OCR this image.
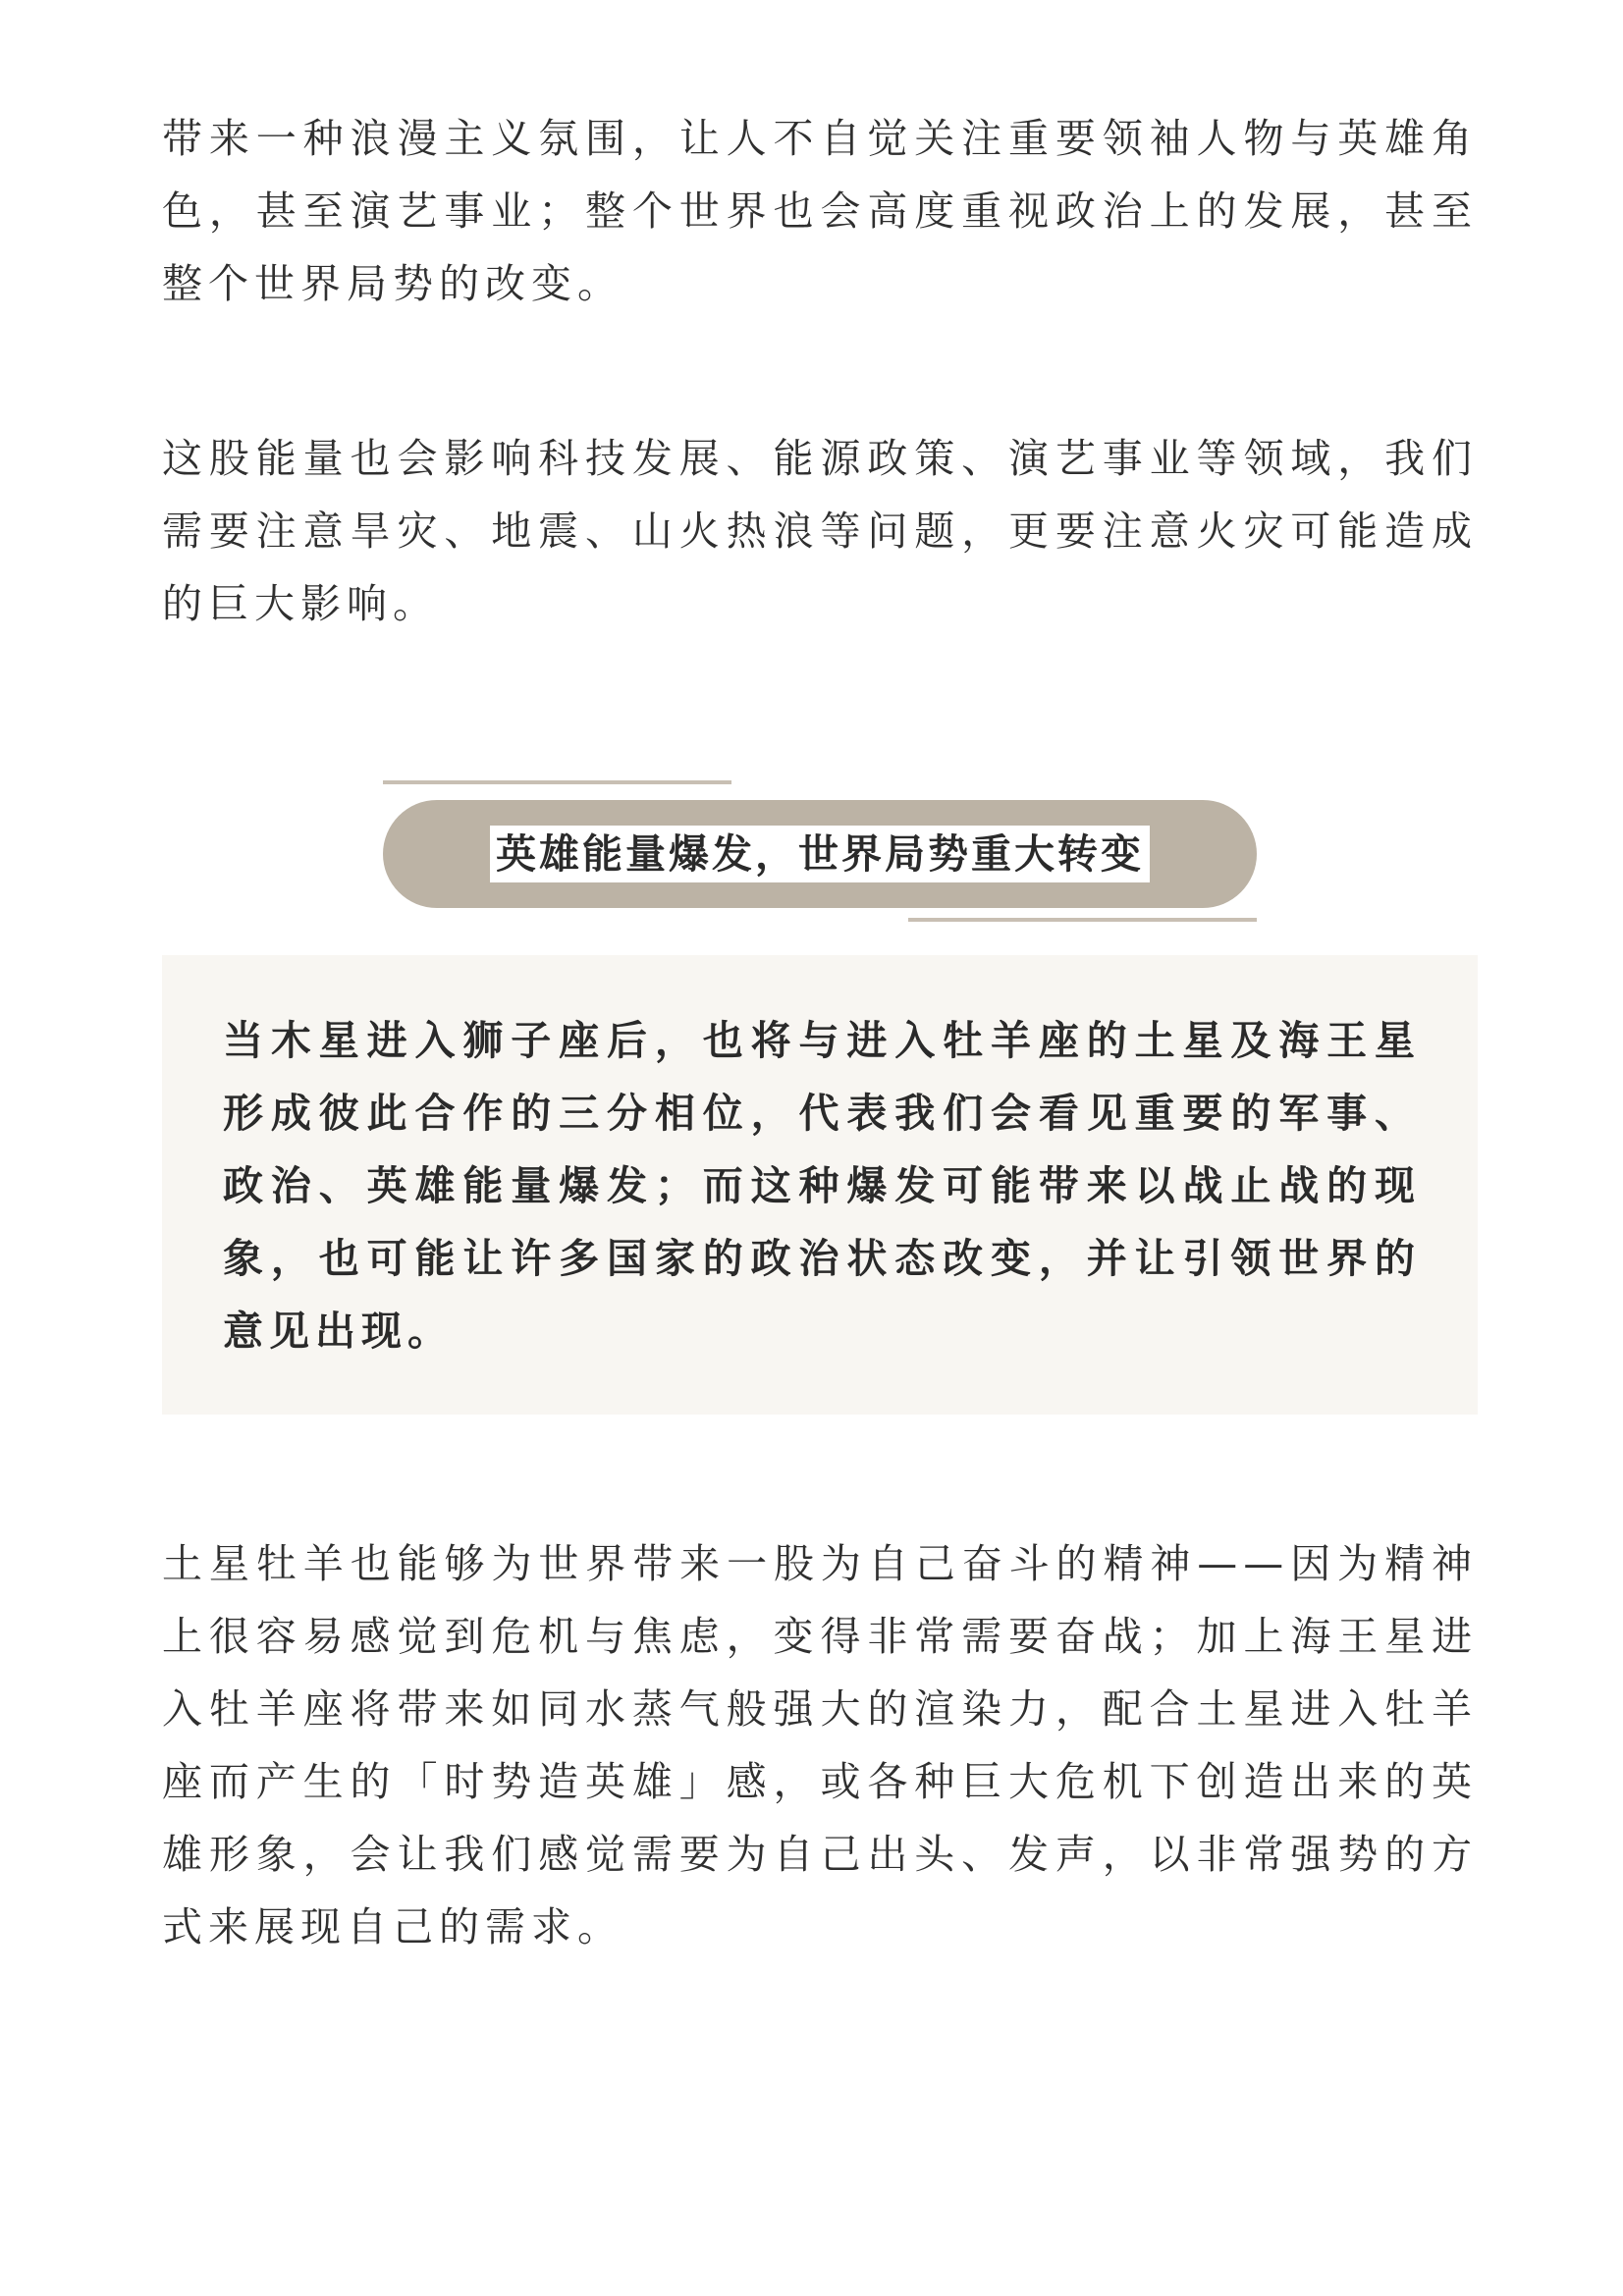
带来一种浪漫主义氛围，让人不自觉关注重要领袖人物与英雄角色，甚至演艺事业；整个世界也会高度重视政治上的发展，甚至整个世界局势的改变。

这股能量也会影响科技发展、能源政策、演艺事业等领域，我们需要注意旱灾、地震、山火热浪等问题，更要注意火灾可能造成的巨大影响。

英雄能量爆发，世界局势重大转变

当木星进入狮子座后，也将与进入牡羊座的土星及海王星形成彼此合作的三分相位，代表我们会看见重要的军事、政治、英雄能量爆发；而这种爆发可能带来以战止战的现象，也可能让许多国家的政治状态改变，并让引领世界的意见出现。

土星牡羊也能够为世界带来一股为自己奋斗的精神——因为精神上很容易感觉到危机与焦虑，变得非常需要奋战；加上海王星进入牡羊座将带来如同水蒸气般强大的渲染力，配合土星进入牡羊座而产生的「时势造英雄」感，或各种巨大危机下创造出来的英雄形象，会让我们感觉需要为自己出头、发声，以非常强势的方式来展现自己的需求。
